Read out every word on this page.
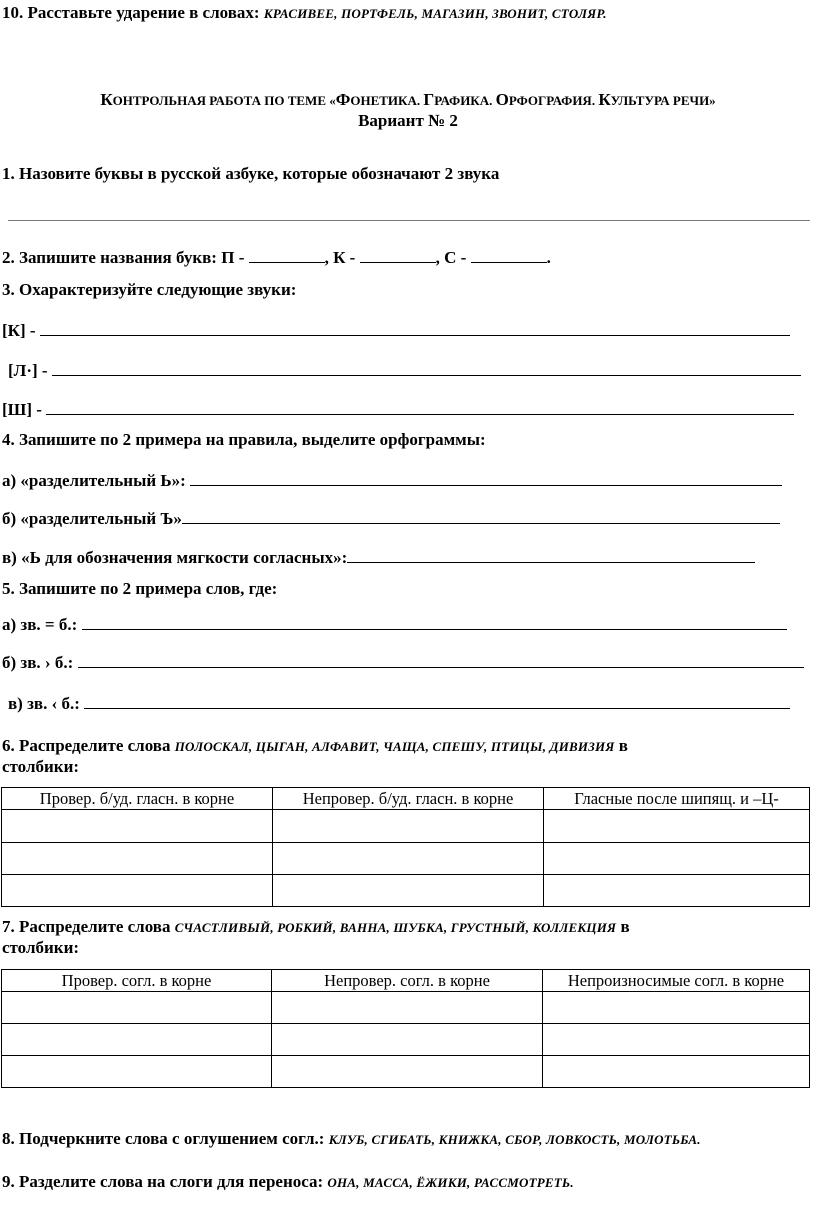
10. Расставьте ударение в словах: КРАСИВЕЕ, ПОРТФЕЛЬ, МАГАЗИН, ЗВОНИТ, СТОЛЯР.
КОНТРОЛЬНАЯ РАБОТА ПО ТЕМЕ «ФОНЕТИКА. ГРАФИКА. ОРФОГРАФИЯ. КУЛЬТУРА РЕЧИ»
Вариант № 2
1. Назовите буквы в русской азбуке, которые обозначают 2 звука
2. Запишите названия букв: П -	, К -	, С -	.
3. Охарактеризуйте следующие звуки:
[К] -
[Л·] -
[Ш] -
4. Запишите по 2 примера на правила, выделите орфограммы:
а) «разделительный Ь»:
б) «разделительный Ъ»
в) «Ь для обозначения мягкости согласных»:
5. Запишите по 2 примера слов, где:
а) зв. = б.:
б) зв. › б.:
в) зв. ‹ б.:
6. Распределите слова ПОЛОСКАЛ, ЦЫГАН, АЛФАВИТ, ЧАЩА, СПЕШУ, ПТИЦЫ, ДИВИЗИЯ в
столбики:
Провер. б/уд. гласн. в корне	Непровер. б/уд. гласн. в корне	Гласные после шипящ. и –Ц-

7. Распределите слова СЧАСТЛИВЫЙ, РОБКИЙ, ВАННА, ШУБКА, ГРУСТНЫЙ, КОЛЛЕКЦИЯ в
столбики:
Провер. согл. в корне	Непровер. согл. в корне	Непроизносимые согл. в корне

8. Подчеркните слова с оглушением согл.: КЛУБ, СГИБАТЬ, КНИЖКА, СБОР, ЛОВКОСТЬ, МОЛОТЬБА.
9. Разделите слова на слоги для переноса: ОНА, МАССА, ЁЖИКИ, РАССМОТРЕТЬ.
